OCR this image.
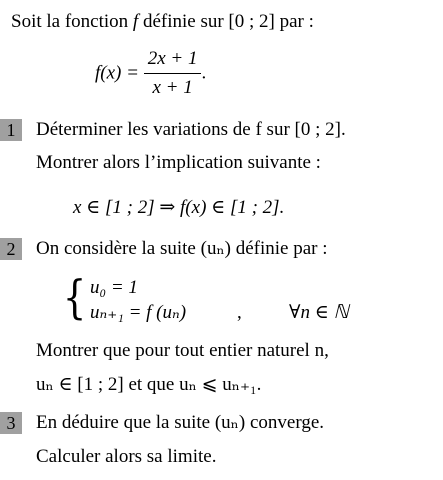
Soit la fonction f définie sur [0 ; 2] par :
$f(x) = \frac{2x + 1}{x + 1}$ .
1	Déterminer les variations de f sur [0 ; 2].
Montrer alors l’implication suivante :
x ∈ [1 ; 2] ⇒ f(x) ∈ [1 ; 2].
2	On considère la suite (uₙ) définie par :
{ u₀ = 1
uₙ₊₁ = f (uₙ)	, ∀n ∈ ℕ
Montrer que pour tout entier naturel n,
uₙ ∈ [1 ; 2] et que uₙ ⩽ uₙ₊₁.
3	En déduire que la suite (uₙ) converge.
Calculer alors sa limite.
